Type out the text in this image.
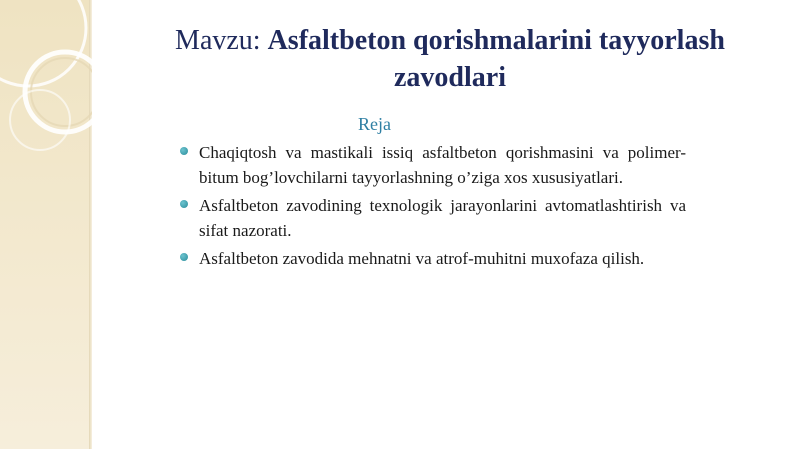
Mavzu: Asfaltbeton qorishmalarini tayyorlash zavodlari
Reja
Chaqiqtosh va mastikali issiq asfaltbeton qorishmasini va polimer-bitum bog’lovchilarni tayyorlashning o’ziga xos xususiyatlari.
Asfaltbeton zavodining texnologik jarayonlarini avtomatlashtirish va sifat nazorati.
Asfaltbeton zavodida mehnatni va atrof-muhitni muxofaza qilish.
